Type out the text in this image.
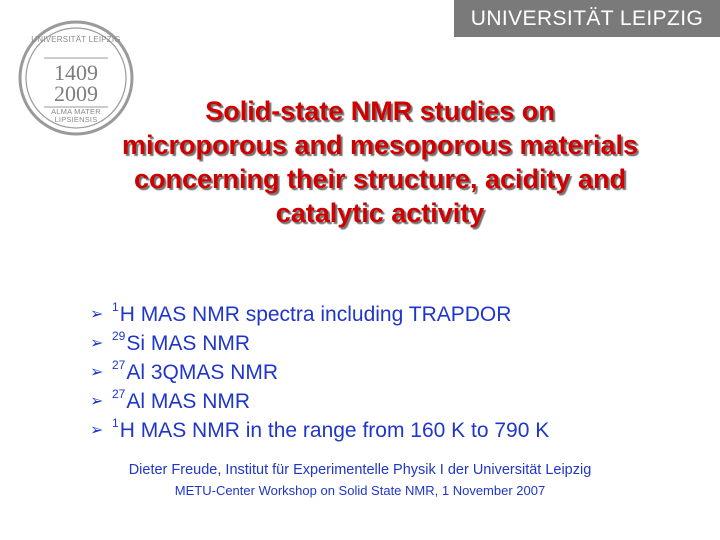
UNIVERSITÄT LEIPZIG
UNIVERSITÄT LEIPZIG
1409
2009
ALMA MATER
LIPSIENSIS	Solid-state NMR studies on
microporous and mesoporous materials
concerning their structure, acidity and
catalytic activity
➢ $^1$H MAS NMR spectra including TRAPDOR
➢ $^{29}$Si MAS NMR
➢ $^{27}$Al 3QMAS NMR
➢ $^{27}$Al MAS NMR
➢ $^1$H MAS NMR in the range from 160 K to 790 K
Dieter Freude, Institut für Experimentelle Physik I der Universität Leipzig
METU-Center Workshop on Solid State NMR, 1 November 2007
